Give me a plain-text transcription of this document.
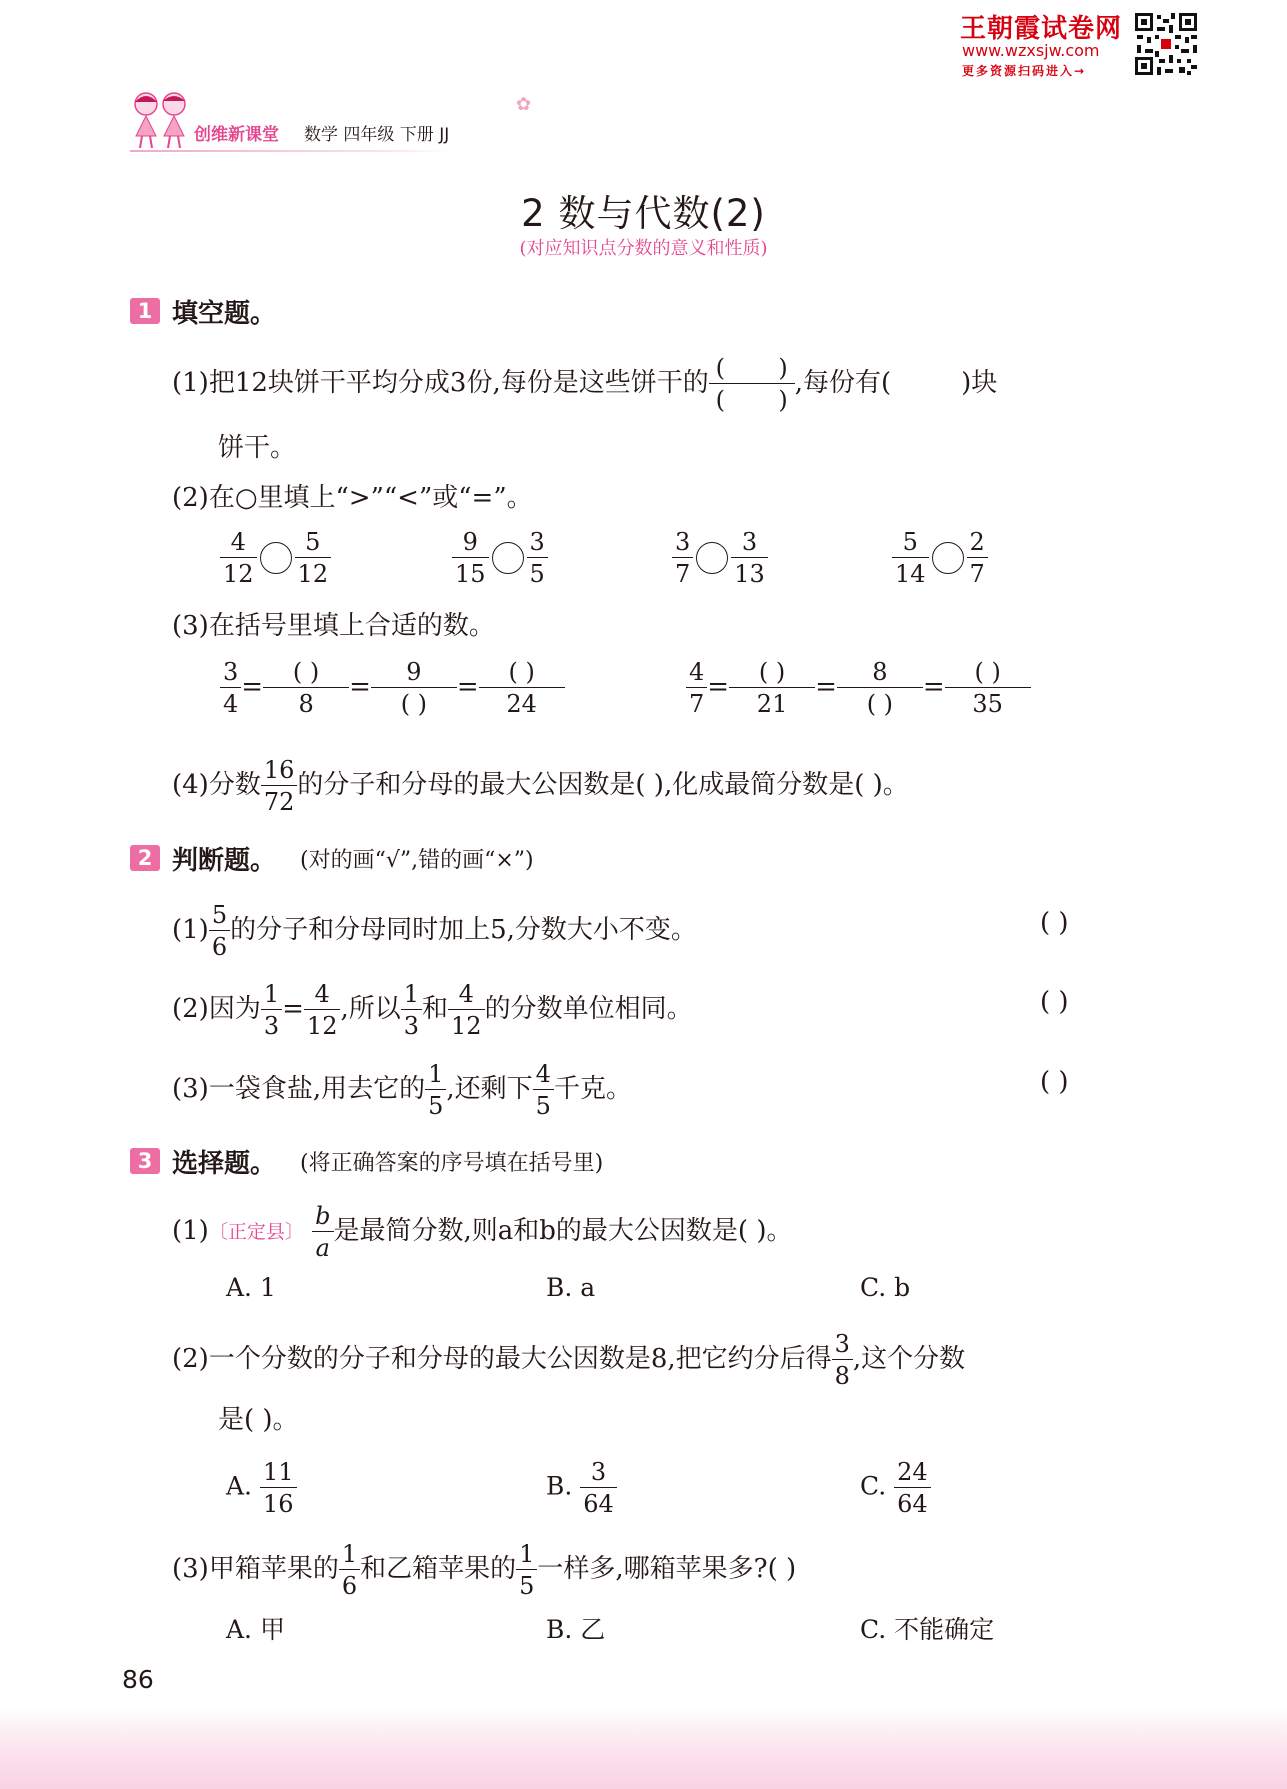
王朝霞试卷网
www.wzxsjw.com
更多资源扫码进入→
创维新课堂 数学 四年级 下册 JJ
✿
2 数与代数(2)
(对应知识点分数的意义和性质)
1 填空题。
(1)把12块饼干平均分成3份,每份是这些饼干的 $\frac{( )}{( )}$ ,每份有(	)块
饼干。
(2)在○里填上“>”“<”或“=”。
$\frac{4}{12} \frac{5}{12}$	$\frac{9}{15} \frac{3}{5}$	$\frac{3}{7} \frac{3}{13}$	$\frac{5}{14} \frac{2}{7}$
(3)在括号里填上合适的数。
$\frac{3}{4} = \frac{( )}{8} = \frac{9}{( )} = \frac{( )}{24}$	$\frac{4}{7} = \frac{( )}{21} = \frac{8}{( )} = \frac{( )}{35}$
(4)分数 $\frac{16}{72}$ 的分子和分母的最大公因数是( ),化成最简分数是( )。
2 判断题。 (对的画“√”,错的画“×”)
$(1) \frac{5}{6}$ 的分子和分母同时加上5,分数大小不变。	( )
(2)因为 $\frac{1}{3} = \frac{4}{12}$ ,所以 $\frac{1}{3}$ 和 $\frac{4}{12}$ 的分数单位相同。	( )
(3)一袋食盐,用去它的 $\frac{1}{5}$ ,还剩下 $\frac{4}{5}$ 千克。	( )
3 选择题。 (将正确答案的序号填在括号里)
(1)〔正定县〕 $\frac{b}{a}$ 是最简分数,则a和b的最大公因数是( )。
A. 1	B. a	C. b
(2)一个分数的分子和分母的最大公因数是8,把它约分后得 $\frac{3}{8}$ ,这个分数
是( )。
A. $\frac{11}{16}$	B. $\frac{3}{64}$	C. $\frac{24}{64}$
(3)甲箱苹果的 $\frac{1}{6}$ 和乙箱苹果的 $\frac{1}{5}$ 一样多,哪箱苹果多?( )
A. 甲	B. 乙	C. 不能确定
86
